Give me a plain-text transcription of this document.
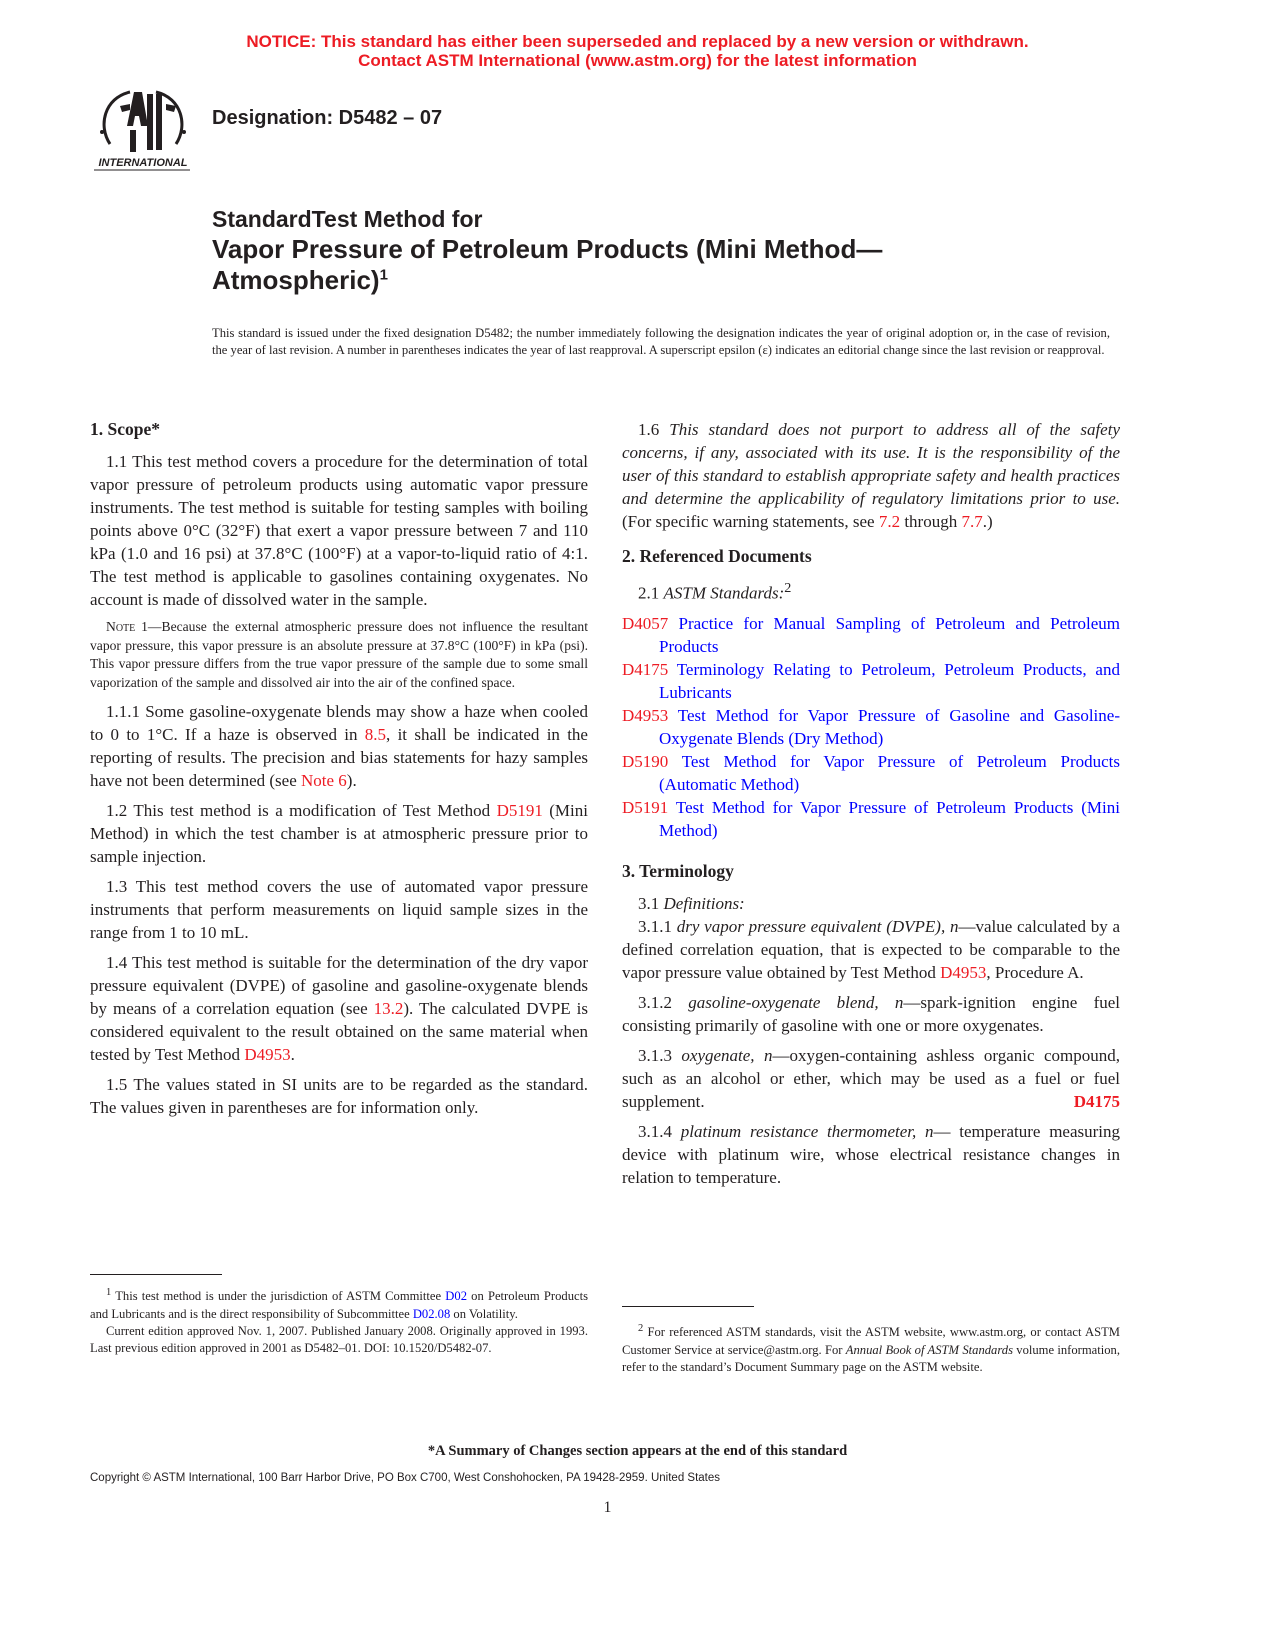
NOTICE: This standard has either been superseded and replaced by a new version or withdrawn.
Contact ASTM International (www.astm.org) for the latest information
INTERNATIONAL
Designation: D5482 – 07
StandardTest Method for
Vapor Pressure of Petroleum Products (Mini Method—
Atmospheric)$^1$
This standard is issued under the fixed designation D5482; the number immediately following the designation indicates the year of original adoption or, in the case of revision, the year of last revision. A number in parentheses indicates the year of last reapproval. A superscript epsilon (ε) indicates an editorial change since the last revision or reapproval.
1. Scope*

1.1 This test method covers a procedure for the determination of total vapor pressure of petroleum products using automatic vapor pressure instruments. The test method is suitable for testing samples with boiling points above 0°C (32°F) that exert a vapor pressure between 7 and 110 kPa (1.0 and 16 psi) at 37.8°C (100°F) at a vapor-to-liquid ratio of 4:1. The test method is applicable to gasolines containing oxygenates. No account is made of dissolved water in the sample.

Note 1—Because the external atmospheric pressure does not influence the resultant vapor pressure, this vapor pressure is an absolute pressure at 37.8°C (100°F) in kPa (psi). This vapor pressure differs from the true vapor pressure of the sample due to some small vaporization of the sample and dissolved air into the air of the confined space.

1.1.1 Some gasoline-oxygenate blends may show a haze when cooled to 0 to 1°C. If a haze is observed in 8.5, it shall be indicated in the reporting of results. The precision and bias statements for hazy samples have not been determined (see Note 6).

1.2 This test method is a modification of Test Method D5191 (Mini Method) in which the test chamber is at atmospheric pressure prior to sample injection.

1.3 This test method covers the use of automated vapor pressure instruments that perform measurements on liquid sample sizes in the range from 1 to 10 mL.

1.4 This test method is suitable for the determination of the dry vapor pressure equivalent (DVPE) of gasoline and gasoline-oxygenate blends by means of a correlation equation (see 13.2). The calculated DVPE is considered equivalent to the result obtained on the same material when tested by Test Method D4953.

1.5 The values stated in SI units are to be regarded as the standard. The values given in parentheses are for information only.

$^1$ This test method is under the jurisdiction of ASTM Committee D02 on Petroleum Products and Lubricants and is the direct responsibility of Subcommittee D02.08 on Volatility.

Current edition approved Nov. 1, 2007. Published January 2008. Originally approved in 1993. Last previous edition approved in 2001 as D5482–01. DOI: 10.1520/D5482-07.

1.6 This standard does not purport to address all of the safety concerns, if any, associated with its use. It is the responsibility of the user of this standard to establish appropriate safety and health practices and determine the applicability of regulatory limitations prior to use. (For specific warning statements, see 7.2 through 7.7.)

2. Referenced Documents

2.1 ASTM Standards:$^2$

D4057 Practice for Manual Sampling of Petroleum and Petroleum Products
D4175 Terminology Relating to Petroleum, Petroleum Products, and Lubricants
D4953 Test Method for Vapor Pressure of Gasoline and Gasoline-Oxygenate Blends (Dry Method)
D5190 Test Method for Vapor Pressure of Petroleum Products (Automatic Method)
D5191 Test Method for Vapor Pressure of Petroleum Products (Mini Method)
3. Terminology

3.1 Definitions:

3.1.1 dry vapor pressure equivalent (DVPE), n—value calculated by a defined correlation equation, that is expected to be comparable to the vapor pressure value obtained by Test Method D4953, Procedure A.

3.1.2 gasoline-oxygenate blend, n—spark-ignition engine fuel consisting primarily of gasoline with one or more oxygenates.

3.1.3 oxygenate, n—oxygen-containing ashless organic compound, such as an alcohol or ether, which may be used as a fuel or fuel supplement.	D4175

3.1.4 platinum resistance thermometer, n— temperature measuring device with platinum wire, whose electrical resistance changes in relation to temperature.

$^2$ For referenced ASTM standards, visit the ASTM website, www.astm.org, or contact ASTM Customer Service at service@astm.org. For Annual Book of ASTM Standards volume information, refer to the standard’s Document Summary page on the ASTM website.

*A Summary of Changes section appears at the end of this standard
Copyright © ASTM International, 100 Barr Harbor Drive, PO Box C700, West Conshohocken, PA 19428-2959. United States
1
